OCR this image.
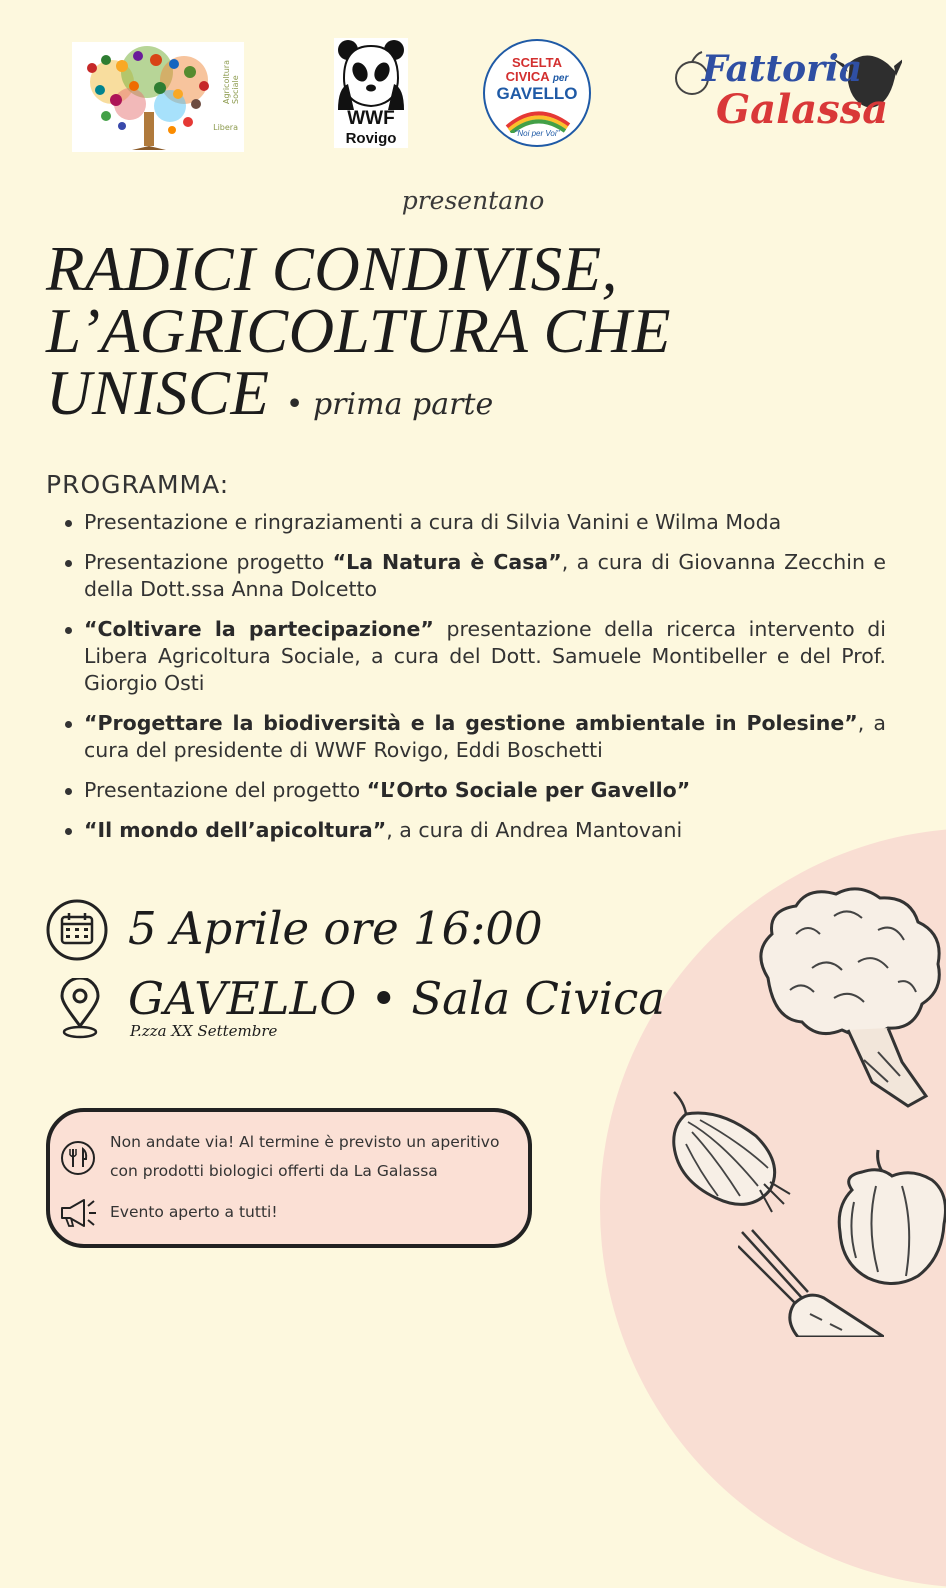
Agricoltura Sociale
Libera	WWF
Rovigo
SCELTA
CIVICA per
GAVELLO
"Noi per Voi"
Fattoria
Galassa
presentano
RADICI CONDIVISE,
L’AGRICOLTURA CHE
UNISCE • prima parte
PROGRAMMA:
Presentazione e ringraziamenti a cura di Silvia Vanini e Wilma Moda
Presentazione progetto “La Natura è Casa”, a cura di Giovanna Zecchin e della Dott.ssa Anna Dolcetto
“Coltivare la partecipazione” presentazione della ricerca intervento di Libera Agricoltura Sociale, a cura del Dott. Samuele Montibeller e del Prof. Giorgio Osti
“Progettare la biodiversità e la gestione ambientale in Polesine”, a cura del presidente di WWF Rovigo, Eddi Boschetti
Presentazione del progetto “L’Orto Sociale per Gavello”
“Il mondo dell’apicoltura”, a cura di Andrea Mantovani
5 Aprile ore 16:00
GAVELLO • Sala Civica
P.zza XX Settembre
Non andate via! Al termine è previsto un aperitivo
con prodotti biologici offerti da La Galassa
Evento aperto a tutti!
